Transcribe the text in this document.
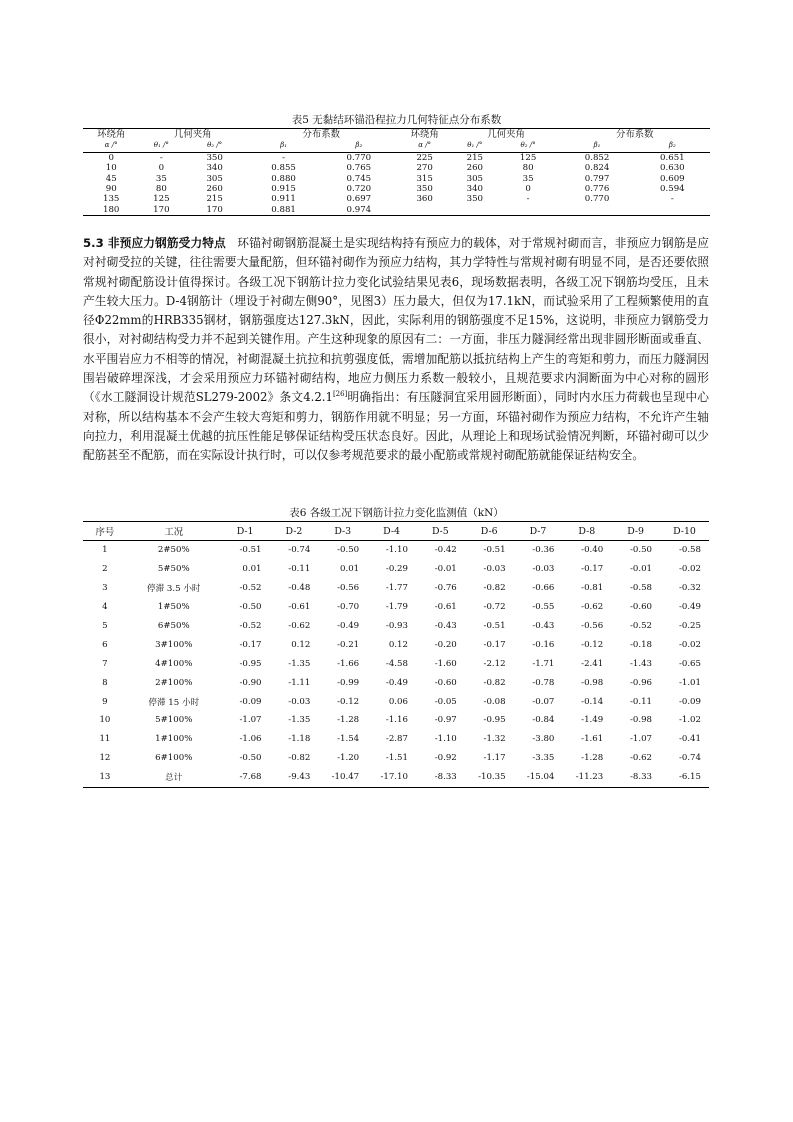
表5 无黏结环锚沿程拉力几何特征点分布系数
环绕角	几何夹角		分布系数		环绕角	几何夹角		分布系数	
α /°	θ₁ /°	θ₂ /°	β₁	β₂	α /°	θ₁ /°	θ₂ /°	β₁	β₂
0	-	350	-	0.770	225	215	125	0.852	0.651
10	0	340	0.855	0.765	270	260	80	0.824	0.630
45	35	305	0.880	0.745	315	305	35	0.797	0.609
90	80	260	0.915	0.720	350	340	0	0.776	0.594
135	125	215	0.911	0.697	360	350	-	0.770	-
180	170	170	0.881	0.974					
5.3 非预应力钢筋受力特点 环锚衬砌钢筋混凝土是实现结构持有预应力的载体，对于常规衬砌而言，非预应力钢筋是应对衬砌受拉的关键，往往需要大量配筋，但环锚衬砌作为预应力结构，其力学特性与常规衬砌有明显不同，是否还要依照常规衬砌配筋设计值得探讨。各级工况下钢筋计拉力变化试验结果见表6，现场数据表明，各级工况下钢筋均受压，且未产生较大压力。D-4钢筋计（埋设于衬砌左侧90°，见图3）压力最大，但仅为17.1kN，而试验采用了工程频繁使用的直径Φ22mm的HRB335钢材，钢筋强度达127.3kN，因此，实际利用的钢筋强度不足15%，这说明，非预应力钢筋受力很小，对衬砌结构受力并不起到关键作用。产生这种现象的原因有二：一方面，非压力隧洞经常出现非圆形断面或垂直、水平围岩应力不相等的情况，衬砌混凝土抗拉和抗剪强度低，需增加配筋以抵抗结构上产生的弯矩和剪力，而压力隧洞因围岩破碎埋深浅，才会采用预应力环锚衬砌结构，地应力侧压力系数一般较小，且规范要求内洞断面为中心对称的圆形（《水工隧洞设计规范SL279-2002》条文4.2.1[26]明确指出：有压隧洞宜采用圆形断面），同时内水压力荷载也呈现中心对称，所以结构基本不会产生较大弯矩和剪力，钢筋作用就不明显；另一方面，环锚衬砌作为预应力结构，不允许产生轴向拉力，利用混凝土优越的抗压性能足够保证结构受压状态良好。因此，从理论上和现场试验情况判断，环锚衬砌可以少配筋甚至不配筋，而在实际设计执行时，可以仅参考规范要求的最小配筋或常规衬砌配筋就能保证结构安全。
表6 各级工况下钢筋计拉力变化监测值（kN）
序号	工况	D-1	D-2	D-3	D-4	D-5	D-6	D-7	D-8	D-9	D-10
1	2#50%	-0.51	-0.74	-0.50	-1.10	-0.42	-0.51	-0.36	-0.40	-0.50	-0.58
2	5#50%	0.01	-0.11	0.01	-0.29	-0.01	-0.03	-0.03	-0.17	-0.01	-0.02
3	停滞 3.5 小时	-0.52	-0.48	-0.56	-1.77	-0.76	-0.82	-0.66	-0.81	-0.58	-0.32
4	1#50%	-0.50	-0.61	-0.70	-1.79	-0.61	-0.72	-0.55	-0.62	-0.60	-0.49
5	6#50%	-0.52	-0.62	-0.49	-0.93	-0.43	-0.51	-0.43	-0.56	-0.52	-0.25
6	3#100%	-0.17	0.12	-0.21	0.12	-0.20	-0.17	-0.16	-0.12	-0.18	-0.02
7	4#100%	-0.95	-1.35	-1.66	-4.58	-1.60	-2.12	-1.71	-2.41	-1.43	-0.65
8	2#100%	-0.90	-1.11	-0.99	-0.49	-0.60	-0.82	-0.78	-0.98	-0.96	-1.01
9	停滞 15 小时	-0.09	-0.03	-0.12	0.06	-0.05	-0.08	-0.07	-0.14	-0.11	-0.09
10	5#100%	-1.07	-1.35	-1.28	-1.16	-0.97	-0.95	-0.84	-1.49	-0.98	-1.02
11	1#100%	-1.06	-1.18	-1.54	-2.87	-1.10	-1.32	-3.80	-1.61	-1.07	-0.41
12	6#100%	-0.50	-0.82	-1.20	-1.51	-0.92	-1.17	-3.35	-1.28	-0.62	-0.74
13	总计	-7.68	-9.43	-10.47	-17.10	-8.33	-10.35	-15.04	-11.23	-8.33	-6.15
